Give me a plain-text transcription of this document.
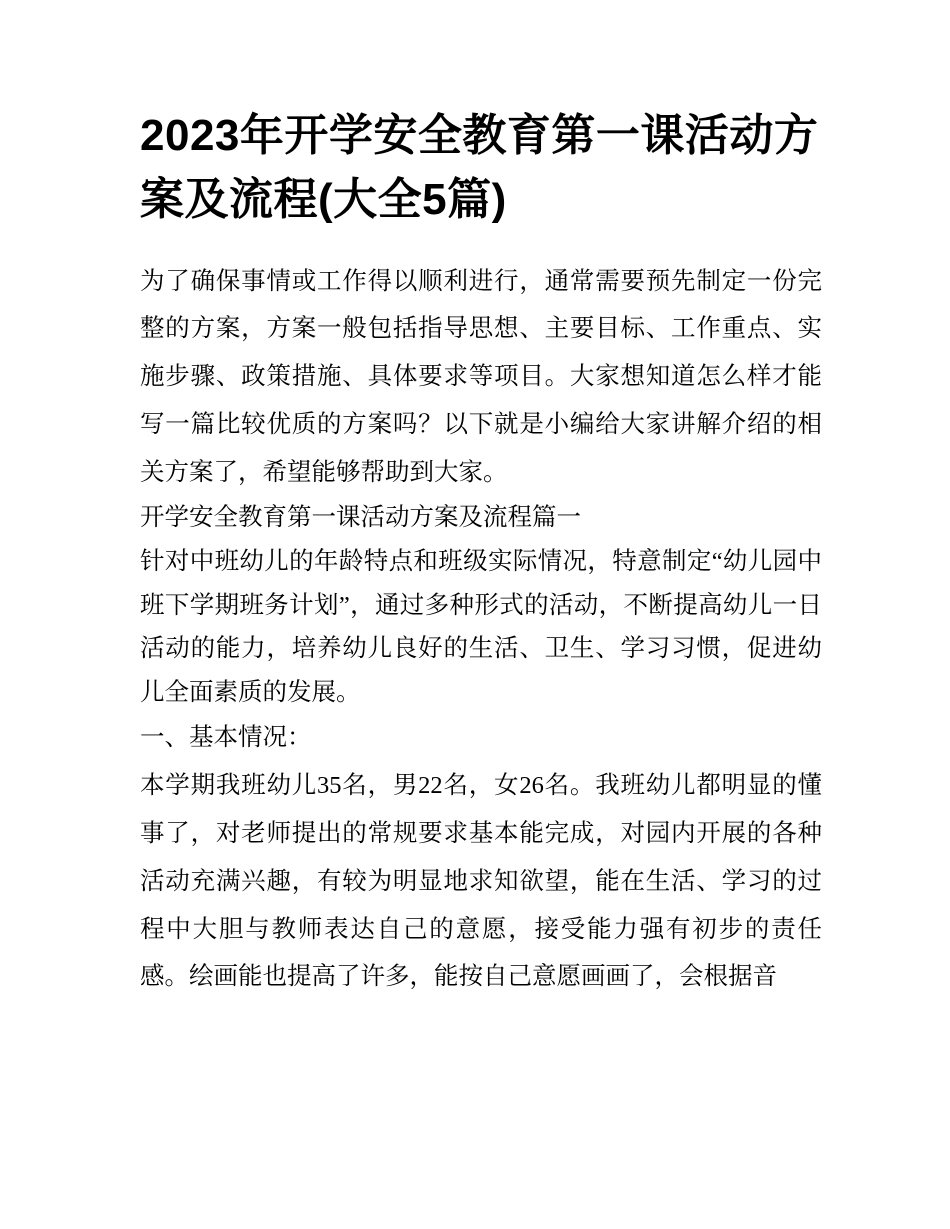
2023年开学安全教育第一课活动方案及流程(大全5篇)

为了确保事情或工作得以顺利进行，通常需要预先制定一份完整的方案，方案一般包括指导思想、主要目标、工作重点、实施步骤、政策措施、具体要求等项目。大家想知道怎么样才能写一篇比较优质的方案吗？以下就是小编给大家讲解介绍的相关方案了，希望能够帮助到大家。

开学安全教育第一课活动方案及流程篇一

针对中班幼儿的年龄特点和班级实际情况，特意制定“幼儿园中班下学期班务计划”，通过多种形式的活动，不断提高幼儿一日活动的能力，培养幼儿良好的生活、卫生、学习习惯，促进幼儿全面素质的发展。

一、基本情况：

本学期我班幼儿35名，男22名，女26名。我班幼儿都明显的懂事了，对老师提出的常规要求基本能完成，对园内开展的各种活动充满兴趣，有较为明显地求知欲望，能在生活、学习的过程中大胆与教师表达自己的意愿，接受能力强有初步的责任感。绘画能也提高了许多，能按自己意愿画画了，会根据音
